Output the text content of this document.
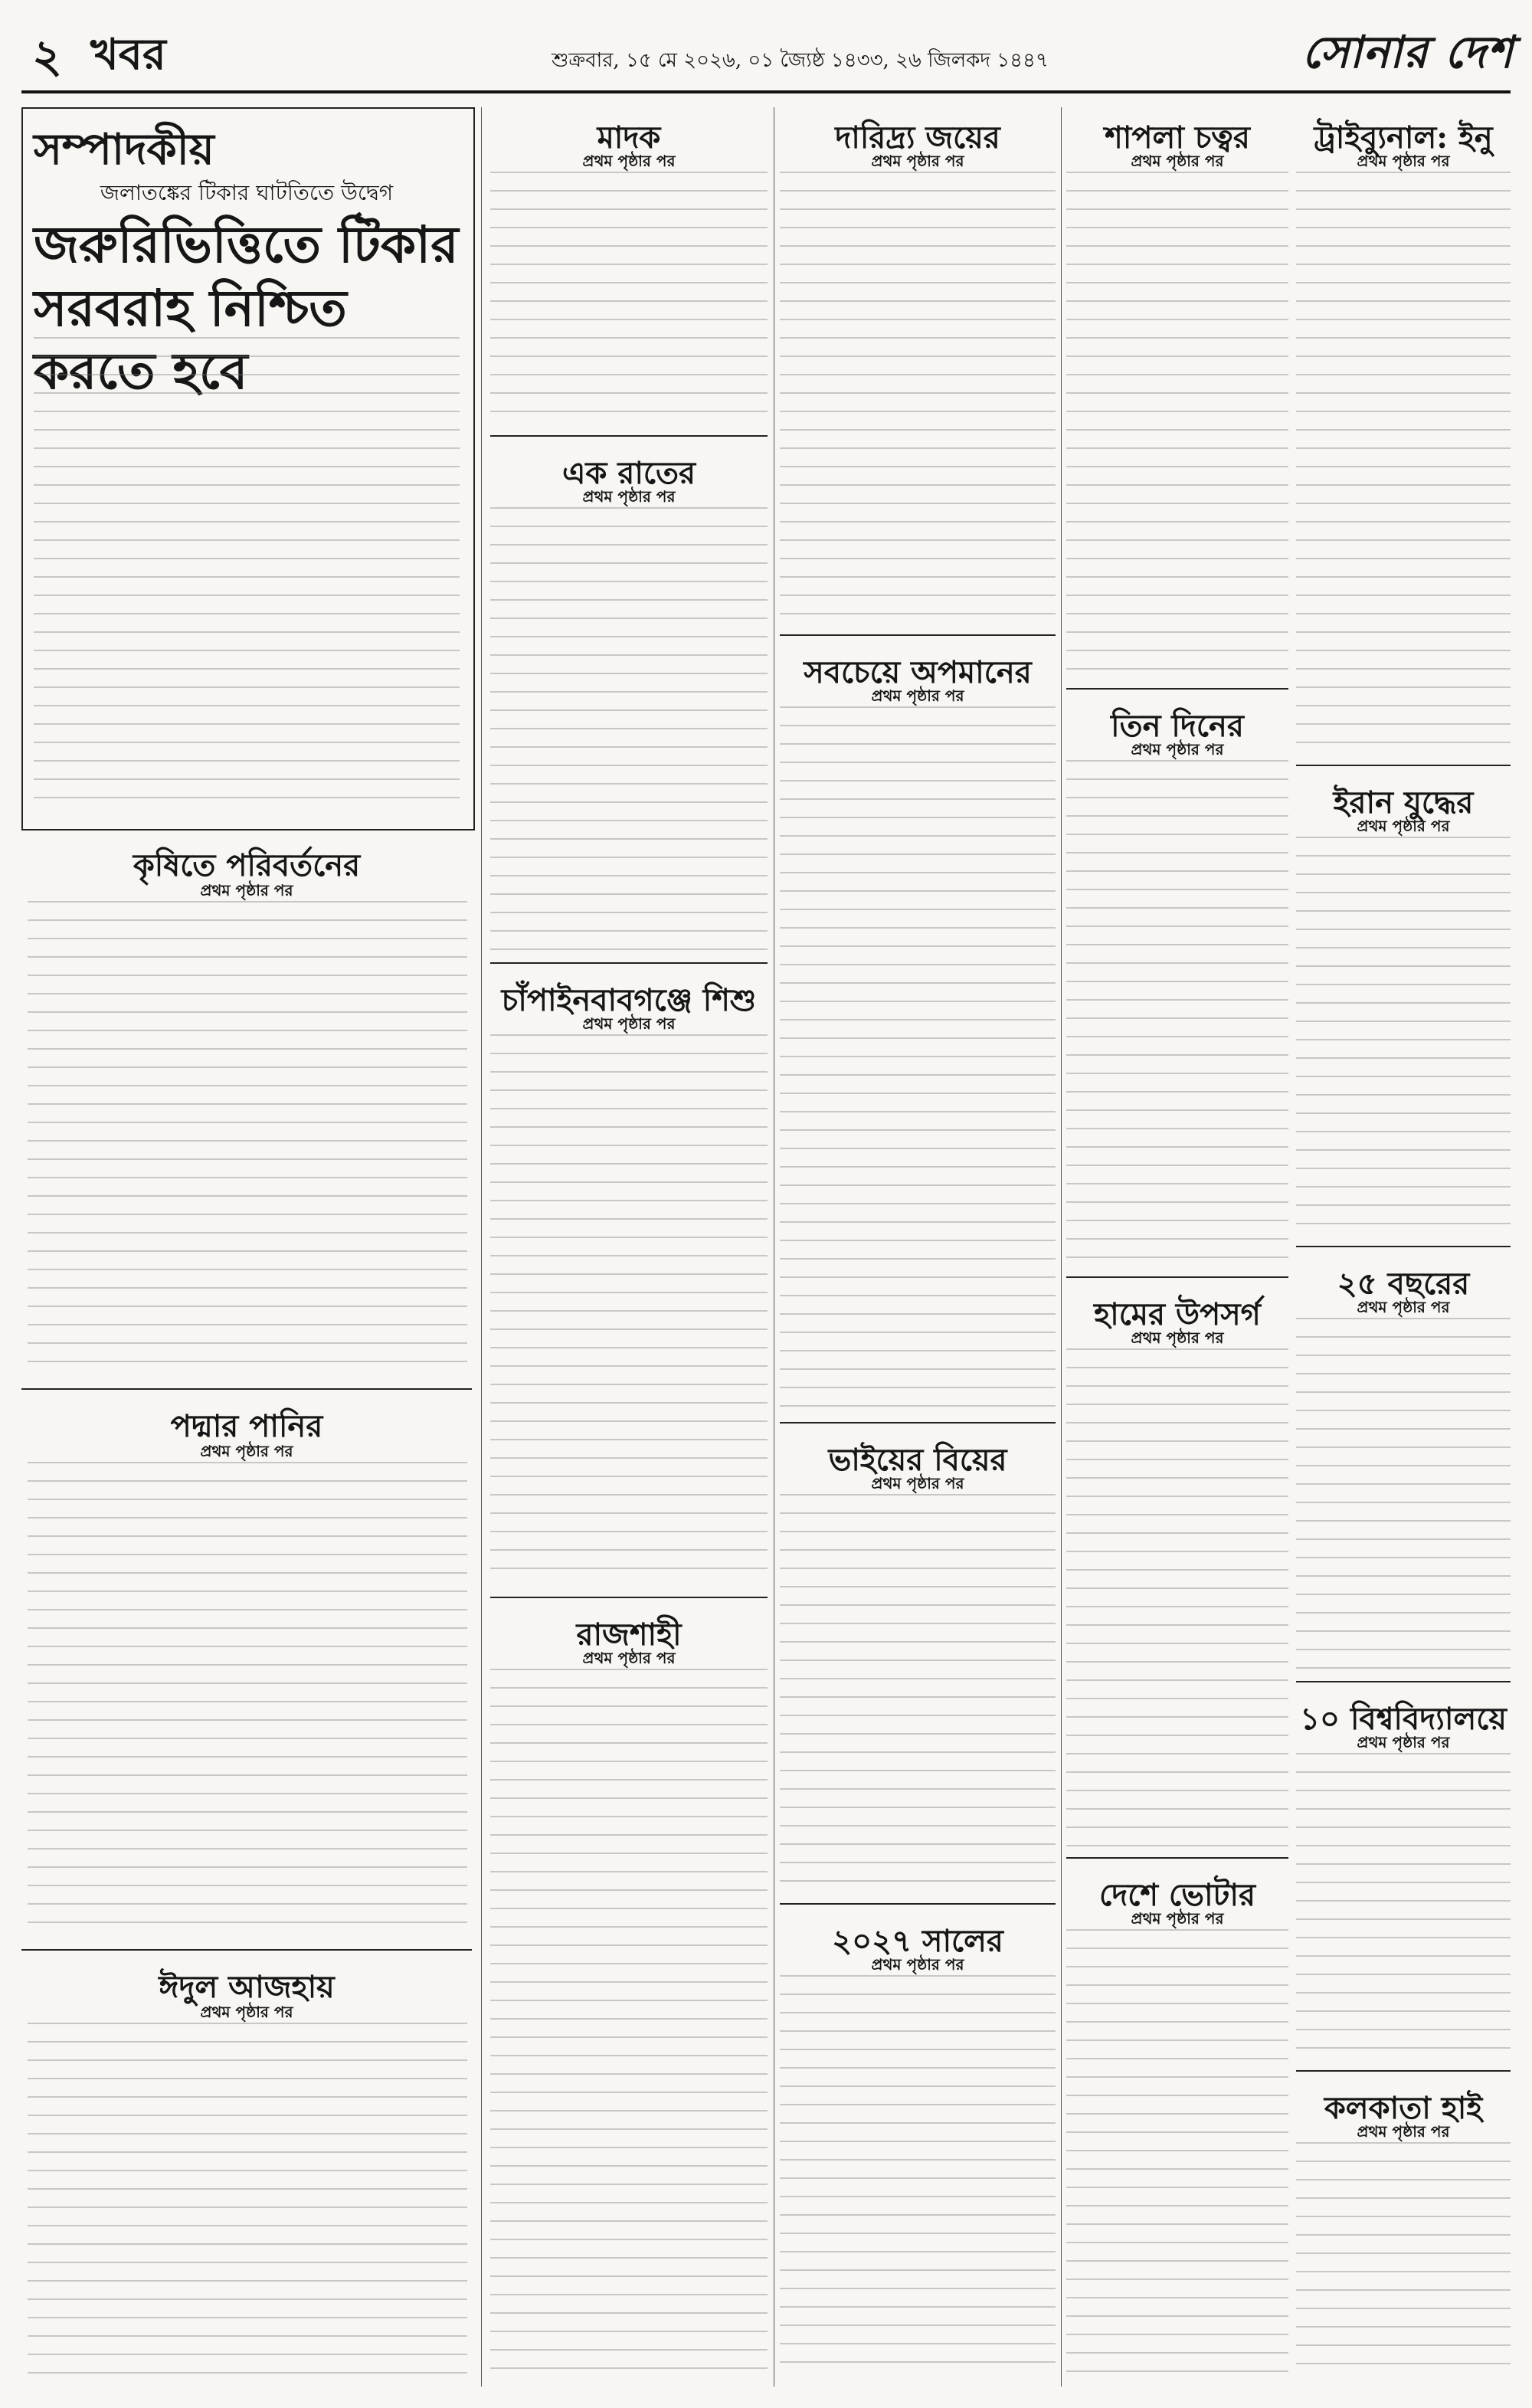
২ খবর	শুক্রবার, ১৫ মে ২০২৬, ০১ জ্যৈষ্ঠ ১৪৩৩, ২৬ জিলকদ ১৪৪৭	সোনার দেশ
সম্পাদকীয়
জলাতঙ্কের টিকার ঘাটতিতে উদ্বেগ
জরুরিভিত্তিতে টিকার সরবরাহ নিশ্চিত করতে হবে
কৃষিতে পরিবর্তনের
প্রথম পৃষ্ঠার পর
পদ্মার পানির
প্রথম পৃষ্ঠার পর
ঈদুল আজহায়
প্রথম পৃষ্ঠার পর
মাদক
প্রথম পৃষ্ঠার পর
এক রাতের
প্রথম পৃষ্ঠার পর
চাঁপাইনবাবগঞ্জে শিশু
প্রথম পৃষ্ঠার পর
রাজশাহী
প্রথম পৃষ্ঠার পর
দারিদ্র্য জয়ের
প্রথম পৃষ্ঠার পর
সবচেয়ে অপমানের
প্রথম পৃষ্ঠার পর
ভাইয়ের বিয়ের
প্রথম পৃষ্ঠার পর
২০২৭ সালের
প্রথম পৃষ্ঠার পর
শাপলা চত্বর
প্রথম পৃষ্ঠার পর
তিন দিনের
প্রথম পৃষ্ঠার পর
হামের উপসর্গ
প্রথম পৃষ্ঠার পর
দেশে ভোটার
প্রথম পৃষ্ঠার পর
ট্রাইব্যুনাল: ইনু
প্রথম পৃষ্ঠার পর
ইরান যুদ্ধের
প্রথম পৃষ্ঠার পর
২৫ বছরের
প্রথম পৃষ্ঠার পর
১০ বিশ্ববিদ্যালয়ে
প্রথম পৃষ্ঠার পর
কলকাতা হাই
প্রথম পৃষ্ঠার পর
